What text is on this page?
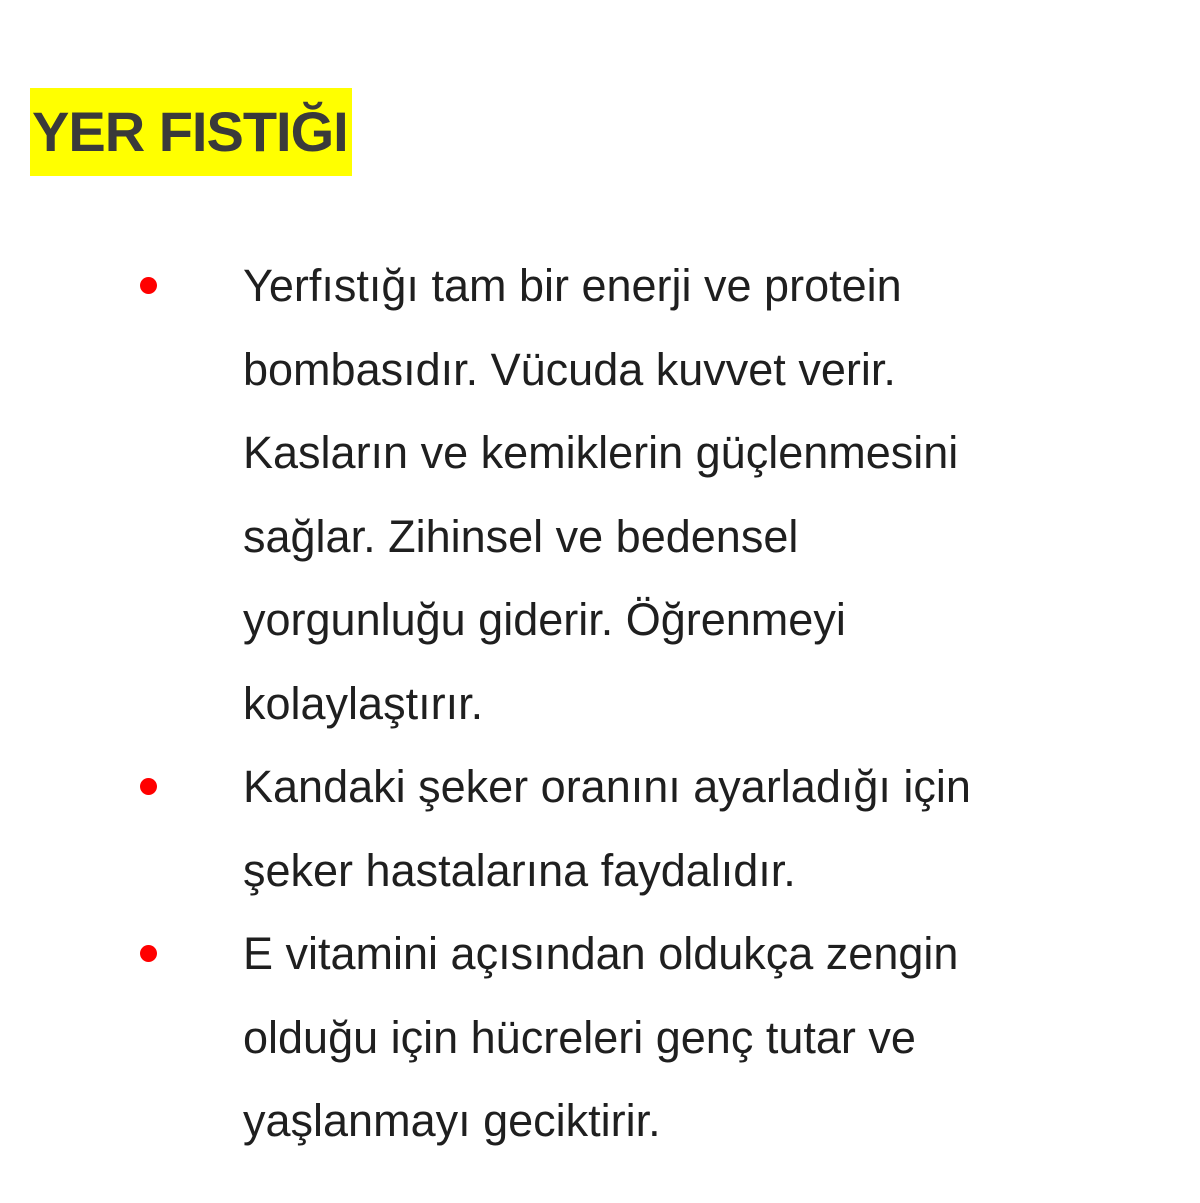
YER FISTIĞI
Yerfıstığı tam bir enerji ve protein
bombasıdır. Vücuda kuvvet verir.
Kasların ve kemiklerin güçlenmesini
sağlar. Zihinsel ve bedensel
yorgunluğu giderir. Öğrenmeyi
kolaylaştırır.
Kandaki şeker oranını ayarladığı için
şeker hastalarına faydalıdır.
E vitamini açısından oldukça zengin
olduğu için hücreleri genç tutar ve
yaşlanmayı geciktirir.
